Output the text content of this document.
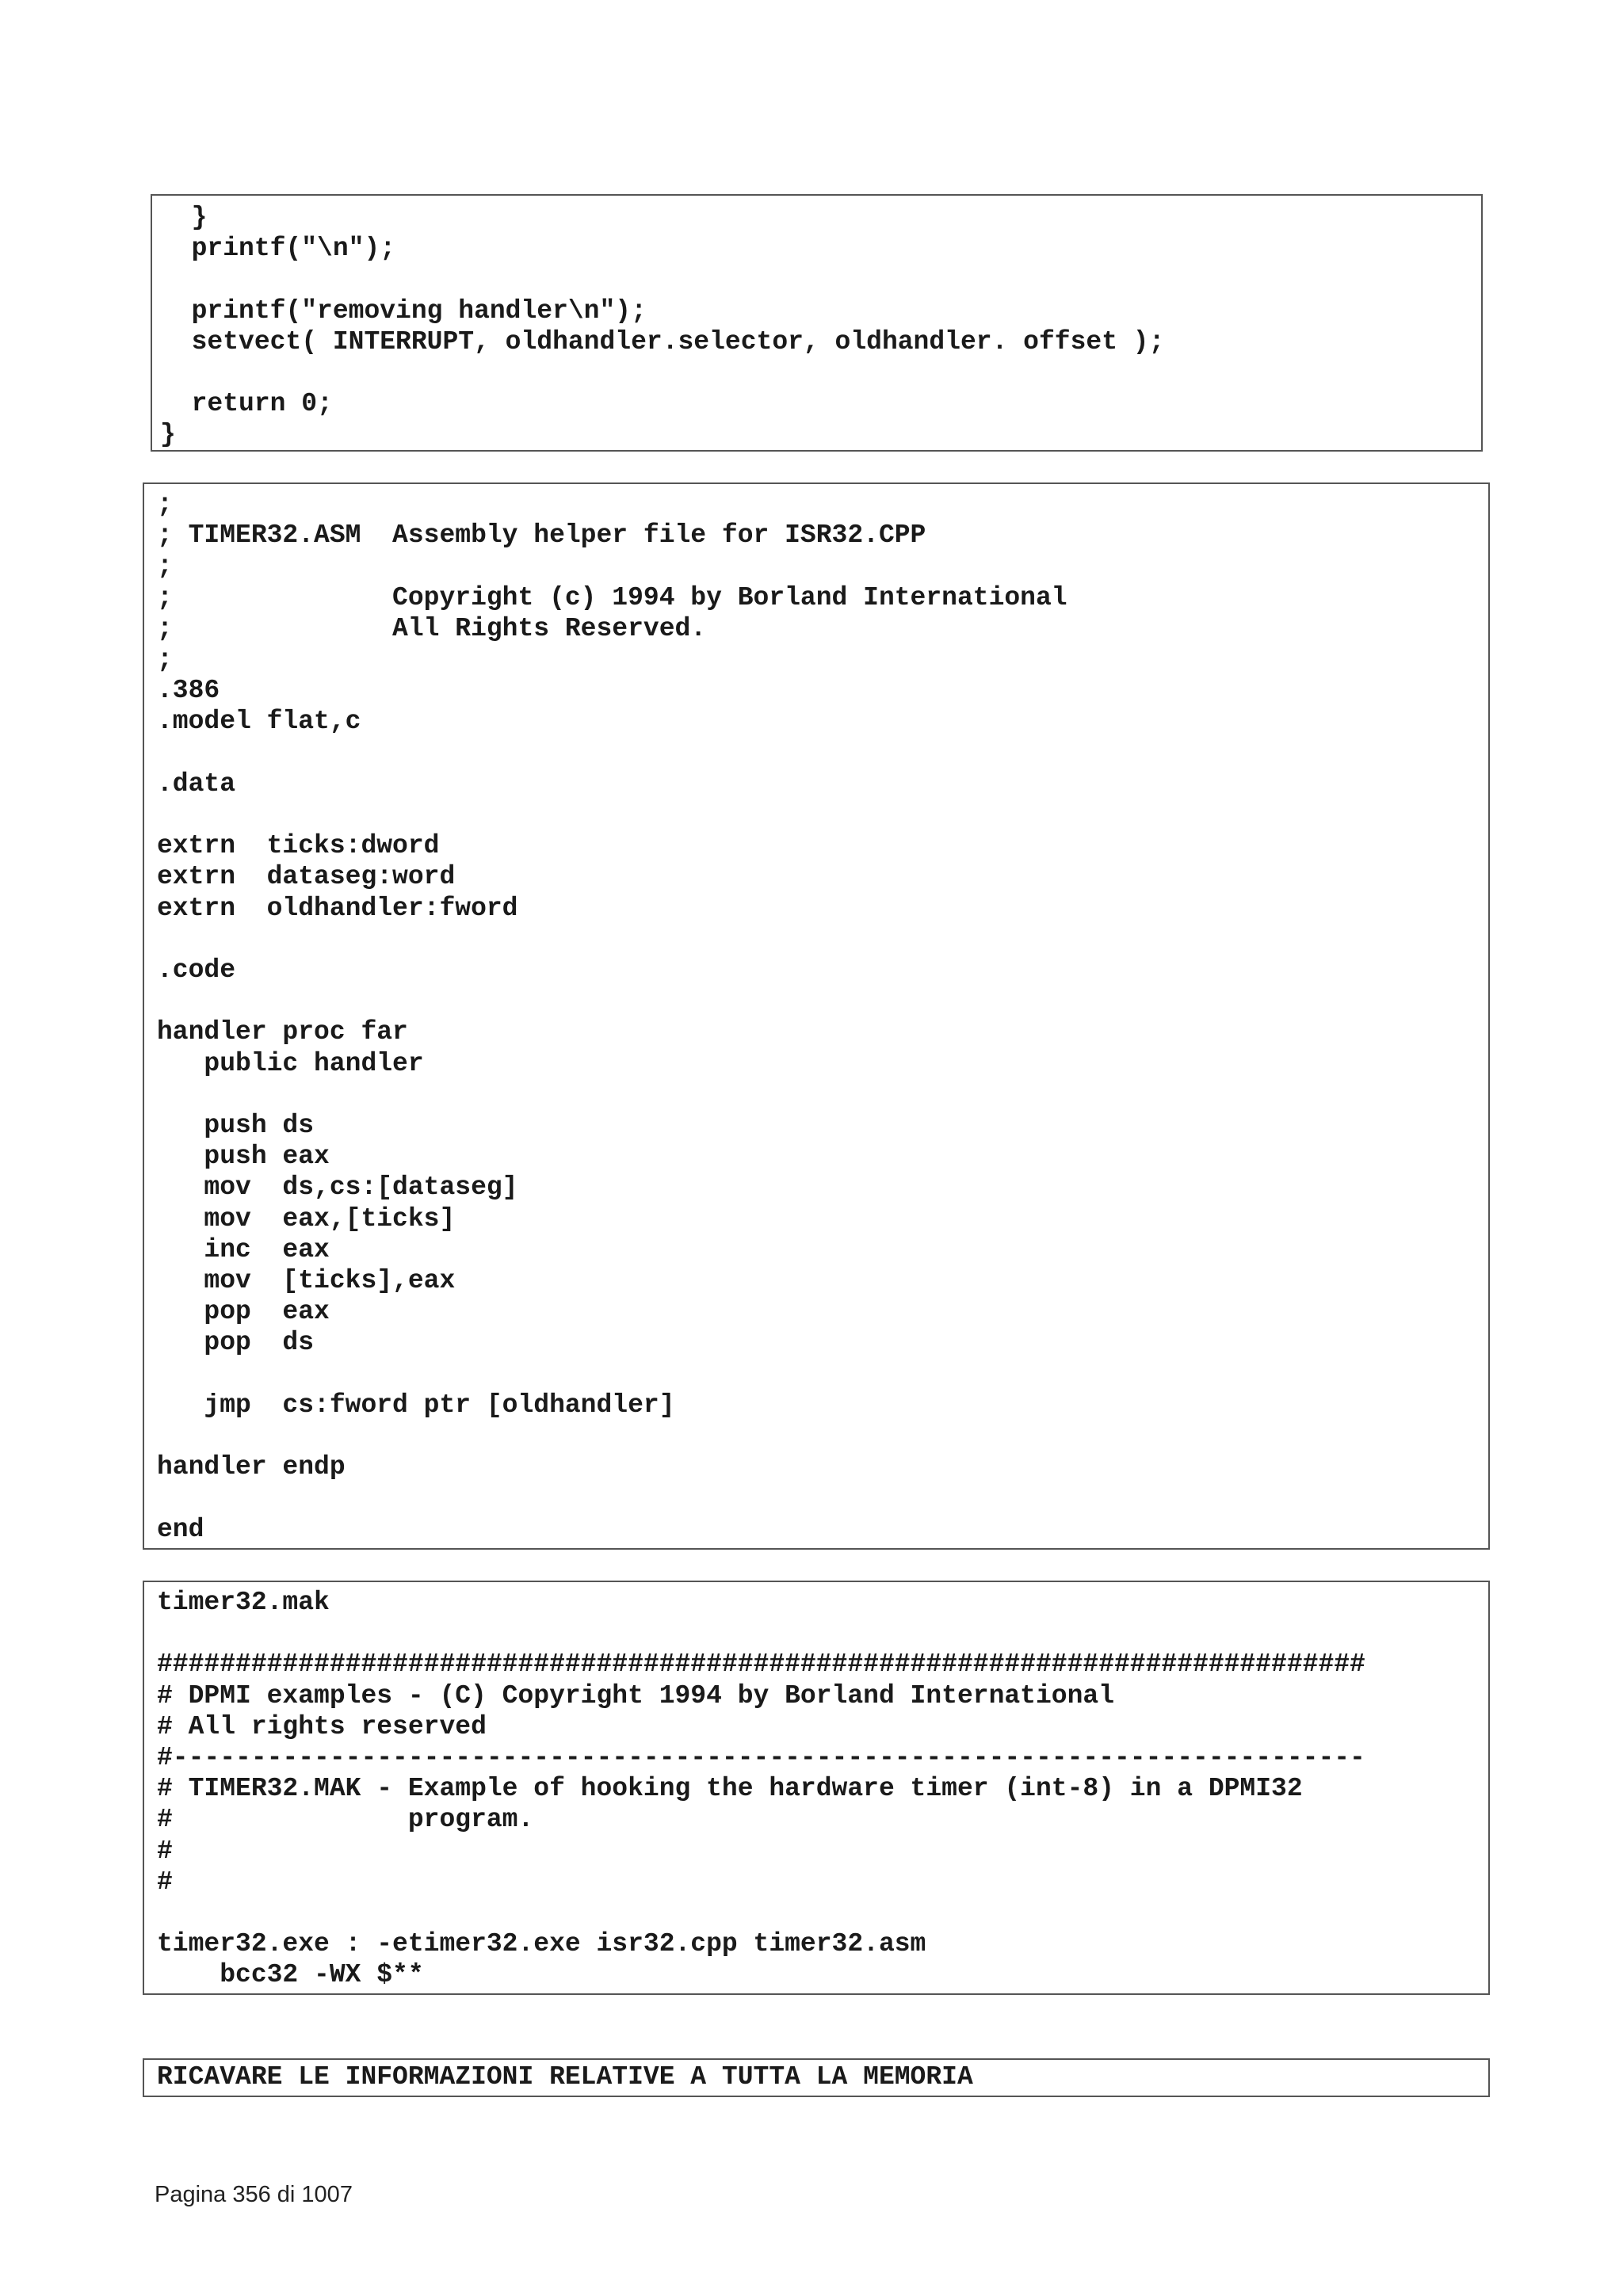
}
printf("\n");

printf("removing handler\n");
setvect( INTERRUPT, oldhandler.selector, oldhandler. offset );

return 0;
}
;
; TIMER32.ASM  Assembly helper file for ISR32.CPP
;
;              Copyright (c) 1994 by Borland International
;              All Rights Reserved.
;
.386
.model flat,c

.data

extrn  ticks:dword
extrn  dataseg:word
extrn  oldhandler:fword

.code

handler proc far
public handler

push ds
push eax
mov  ds,cs:[dataseg]
mov  eax,[ticks]
inc  eax
mov  [ticks],eax
pop  eax
pop  ds

jmp  cs:fword ptr [oldhandler]

handler endp

end
timer32.mak

#############################################################################
# DPMI examples - (C) Copyright 1994 by Borland International
# All rights reserved
#----------------------------------------------------------------------------
# TIMER32.MAK - Example of hooking the hardware timer (int-8) in a DPMI32
#               program.
#
#

timer32.exe : -etimer32.exe isr32.cpp timer32.asm
bcc32 -WX $**
RICAVARE LE INFORMAZIONI RELATIVE A TUTTA LA MEMORIA
Pagina 356 di 1007
